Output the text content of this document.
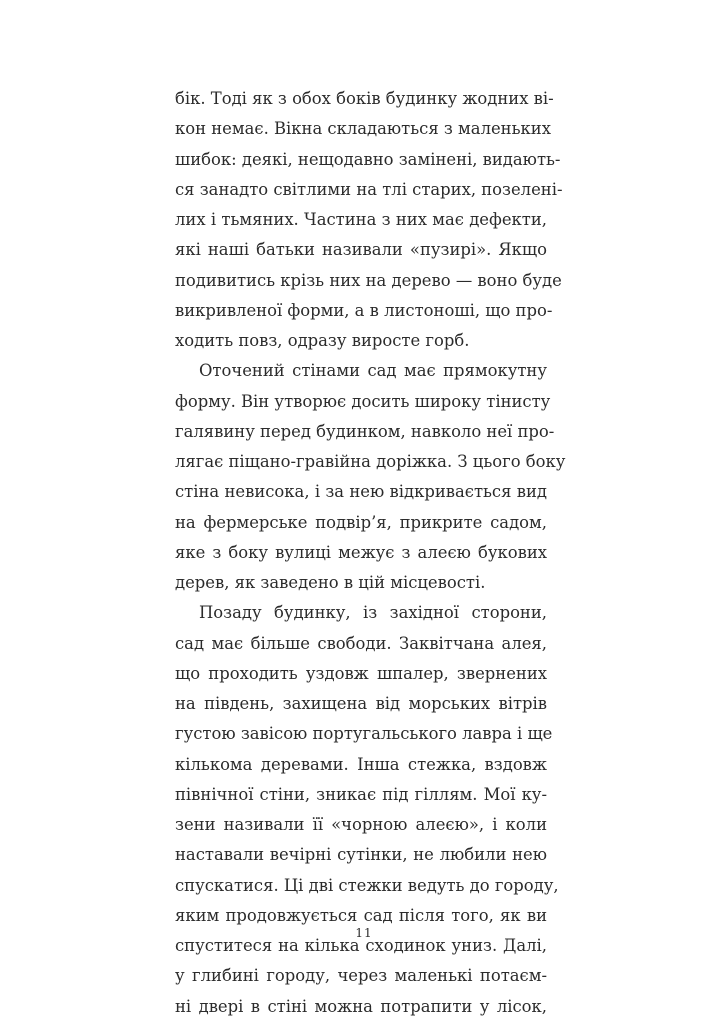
бік. Тоді як з обох боків будинку жодних ві-
кон немає. Вікна складаються з маленьких
шибок: деякі, нещодавно замінені, видають-
ся занадто світлими на тлі старих, позелені-
лих і тьмяних. Частина з них має дефекти,
які наші батьки називали «пузирі». Якщо
подивитись крізь них на дерево — воно буде
викривленої форми, а в листоноші, що про-
ходить повз, одразу виросте горб.
Оточений стінами сад має прямокутну
форму. Він утворює досить широку тінисту
галявину перед будинком, навколо неї про-
лягає піщано-гравійна доріжка. З цього боку
стіна невисока, і за нею відкривається вид
на фермерське подвір’я, прикрите садом,
яке з боку вулиці межує з алеєю букових
дерев, як заведено в цій місцевості.
Позаду будинку, із західної сторони,
сад має більше свободи. Заквітчана алея,
що проходить уздовж шпалер, звернених
на південь, захищена від морських вітрів
густою завісою португальського лавра і ще
кількома деревами. Інша стежка, вздовж
північної стіни, зникає під гіллям. Мої ку-
зени називали її «чорною алеєю», і коли
наставали вечірні сутінки, не любили нею
спускатися. Ці дві стежки ведуть до городу,
яким продовжується сад після того, як ви
спуститеся на кілька сходинок униз. Далі,
у глибині городу, через маленькі потаєм-
ні двері в стіні можна потрапити у лісок,
11
